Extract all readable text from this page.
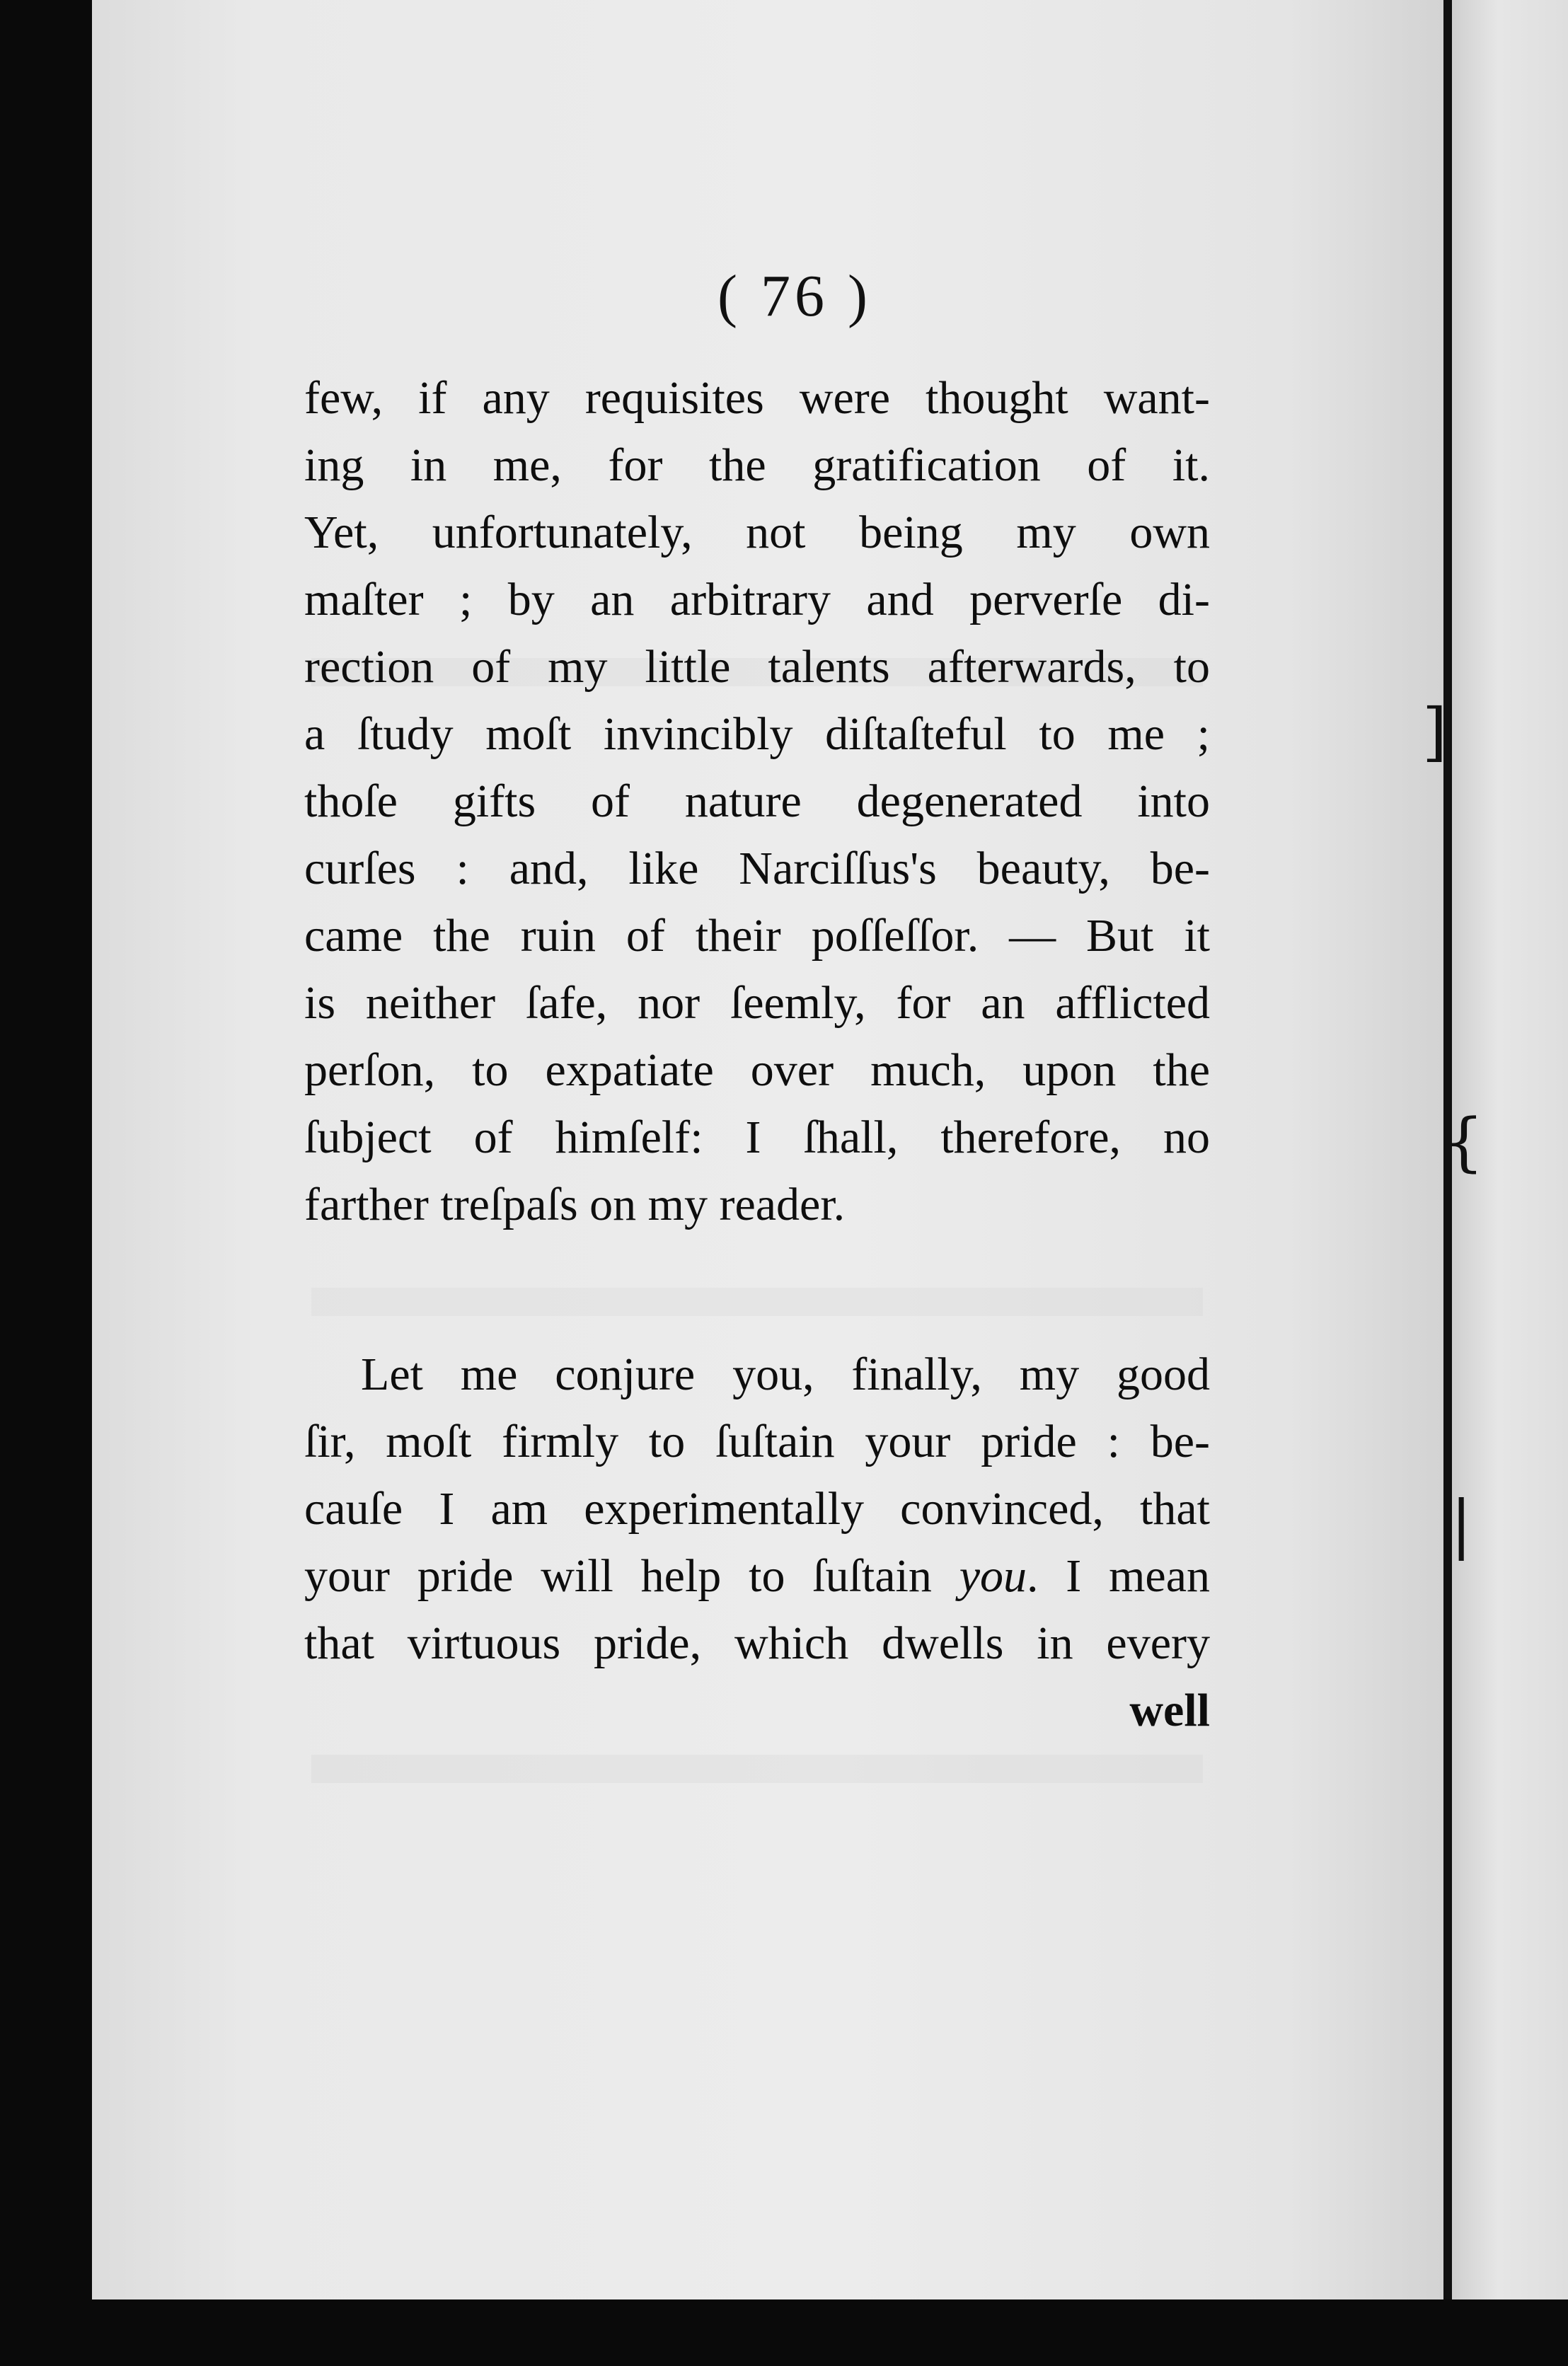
]
{
|
( 76 )
few, if any requisites were thought want-
ing in me, for the gratification of it.
Yet, unfortunately, not being my own
maſter ; by an arbitrary and perverſe di-
rection of my little talents afterwards, to
a ſtudy moſt invincibly diſtaſteful to me ;
thoſe gifts of nature degenerated into
curſes : and, like Narciſſus's beauty, be-
came the ruin of their poſſeſſor. — But it
is neither ſafe, nor ſeemly, for an afflicted
perſon, to expatiate over much, upon the
ſubject of himſelf: I ſhall, therefore, no
farther treſpaſs on my reader.
Let me conjure you, finally, my good
ſir, moſt firmly to ſuſtain your pride : be-
cauſe I am experimentally convinced, that
your pride will help to ſuſtain you. I mean
that virtuous pride, which dwells in every
well
